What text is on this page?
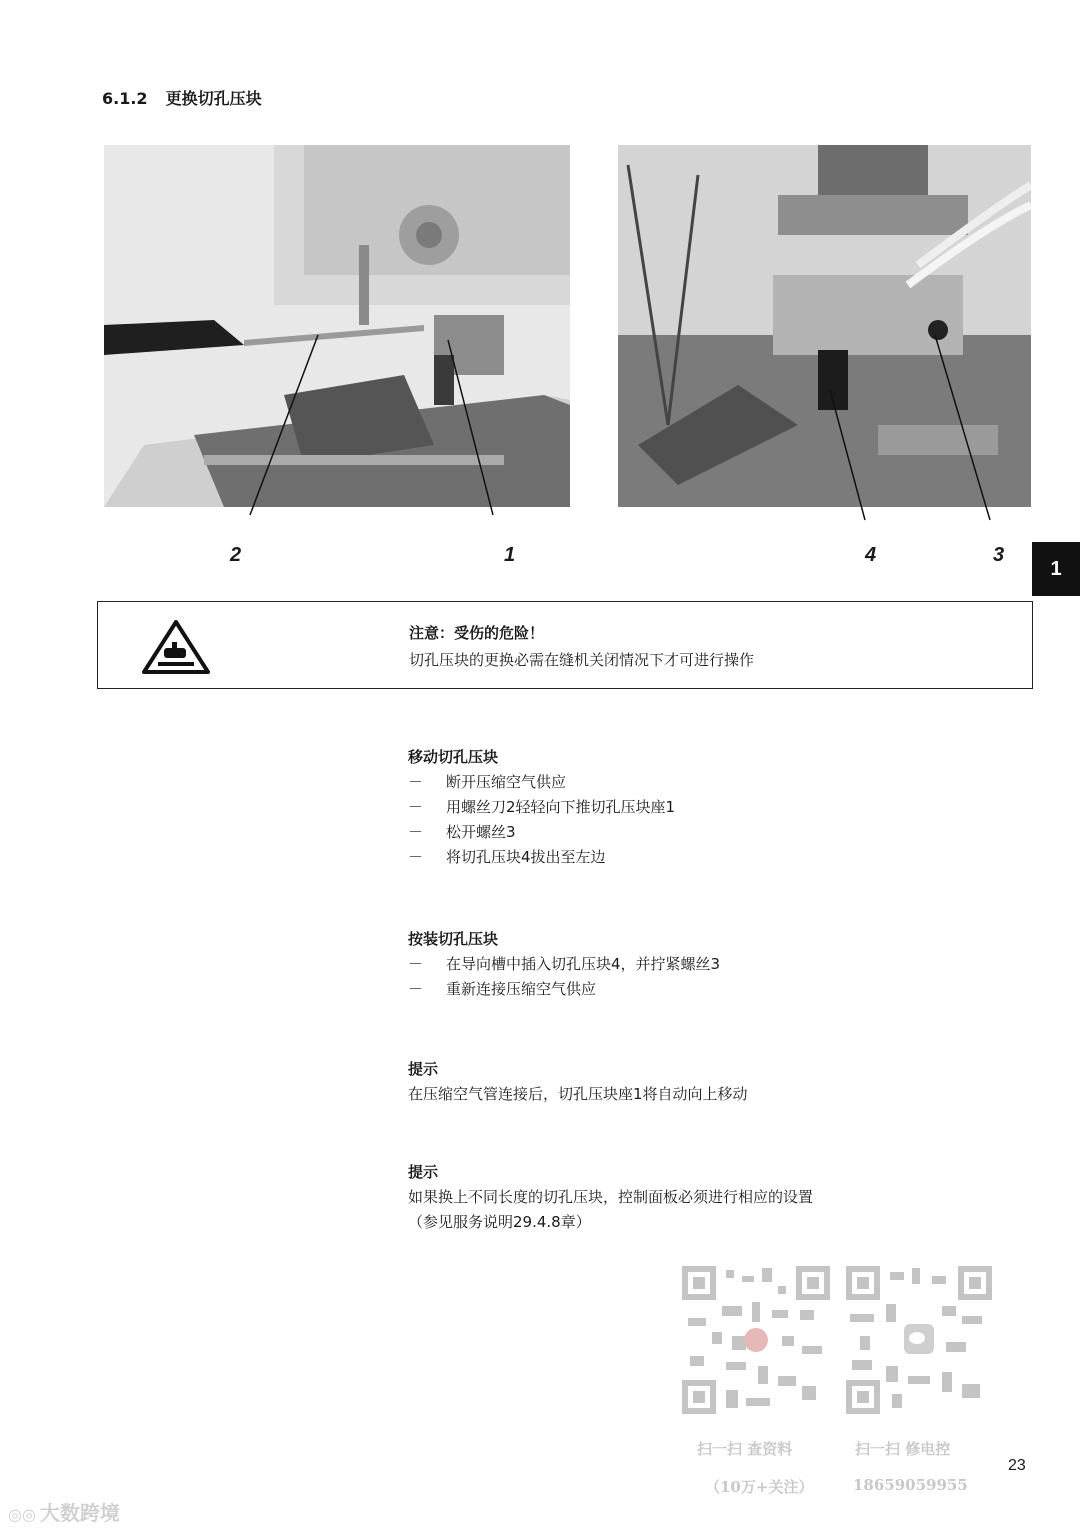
6.1.2 更换切孔压块
2	1	4	3
1
注意：受伤的危险！
切孔压块的更换必需在缝机关闭情况下才可进行操作
移动切孔压块
－	断开压缩空气供应
－	用螺丝刀2轻轻向下推切孔压块座1
－	松开螺丝3
－	将切孔压块4拔出至左边
按装切孔压块
－	在导向槽中插入切孔压块4，并拧紧螺丝3
－	重新连接压缩空气供应
提示
在压缩空气管连接后，切孔压块座1将自动向上移动
提示
如果换上不同长度的切孔压块，控制面板必须进行相应的设置
（参见服务说明29.4.8章）
扫一扫 查资料
（10万+关注）
扫一扫 修电控
18659059955
23
◎◎ 大数跨境
